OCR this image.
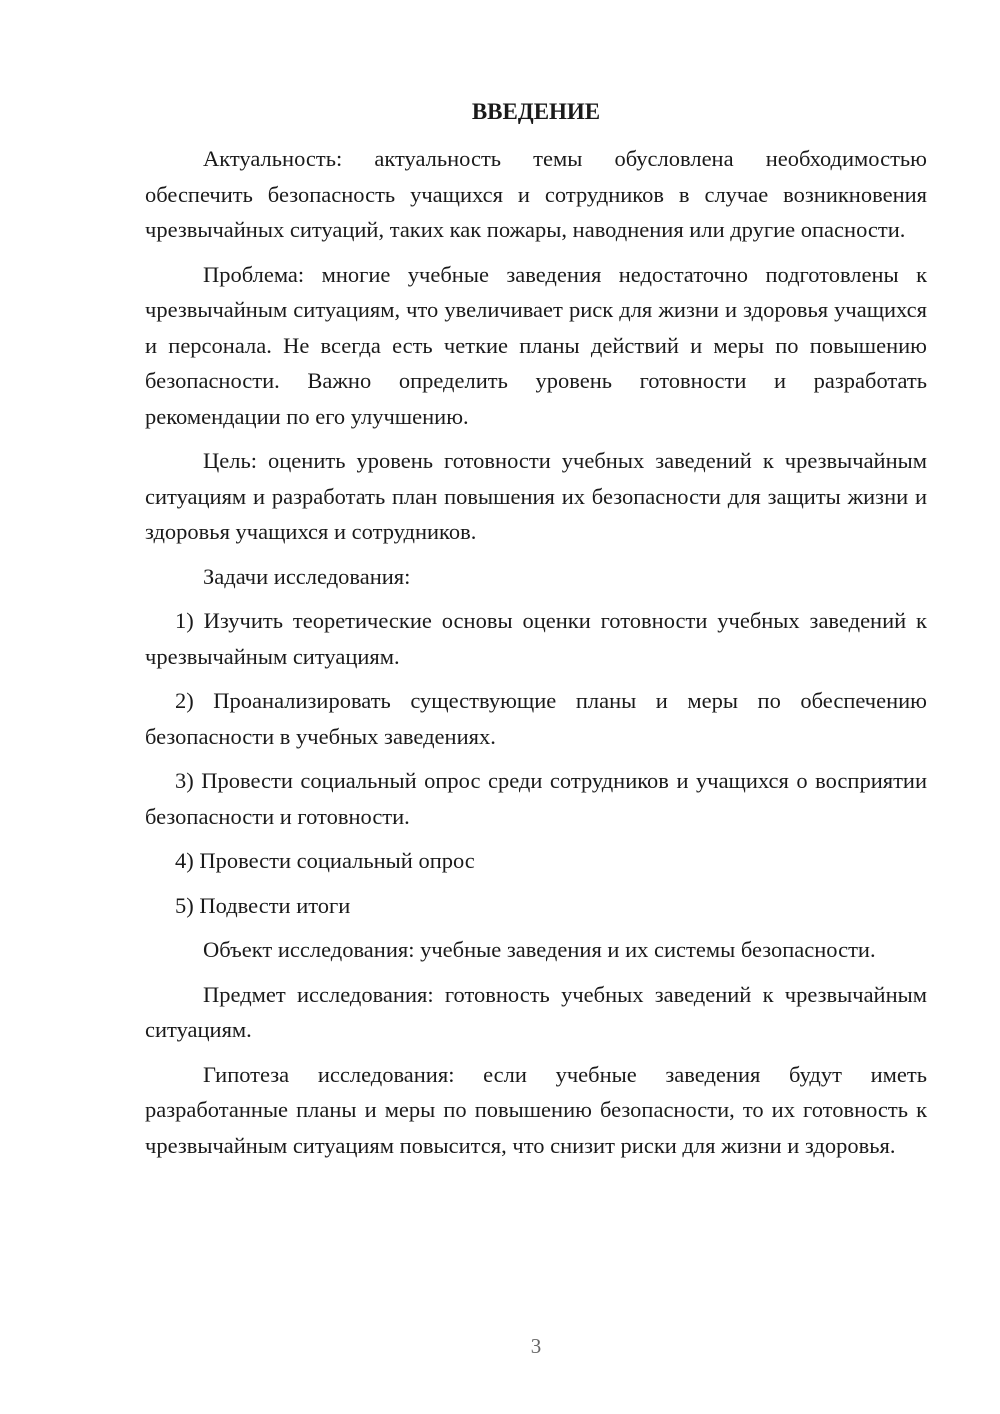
ВВЕДЕНИЕ

Актуальность: актуальность темы обусловлена необходимостью обеспечить безопасность учащихся и сотрудников в случае возникновения чрезвычайных ситуаций, таких как пожары, наводнения или другие опасности.

Проблема: многие учебные заведения недостаточно подготовлены к чрезвычайным ситуациям, что увеличивает риск для жизни и здоровья учащихся и персонала. Не всегда есть четкие планы действий и меры по повышению безопасности. Важно определить уровень готовности и разработать рекомендации по его улучшению.

Цель: оценить уровень готовности учебных заведений к чрезвычайным ситуациям и разработать план повышения их безопасности для защиты жизни и здоровья учащихся и сотрудников.

Задачи исследования:

1) Изучить теоретические основы оценки готовности учебных заведений к чрезвычайным ситуациям.

2) Проанализировать существующие планы и меры по обеспечению безопасности в учебных заведениях.

3) Провести социальный опрос среди сотрудников и учащихся о восприятии безопасности и готовности.

4) Провести социальный опрос

5) Подвести итоги

Объект исследования: учебные заведения и их системы безопасности.

Предмет исследования: готовность учебных заведений к чрезвычайным ситуациям.

Гипотеза исследования: если учебные заведения будут иметь разработанные планы и меры по повышению безопасности, то их готовность к чрезвычайным ситуациям повысится, что снизит риски для жизни и здоровья.

3
